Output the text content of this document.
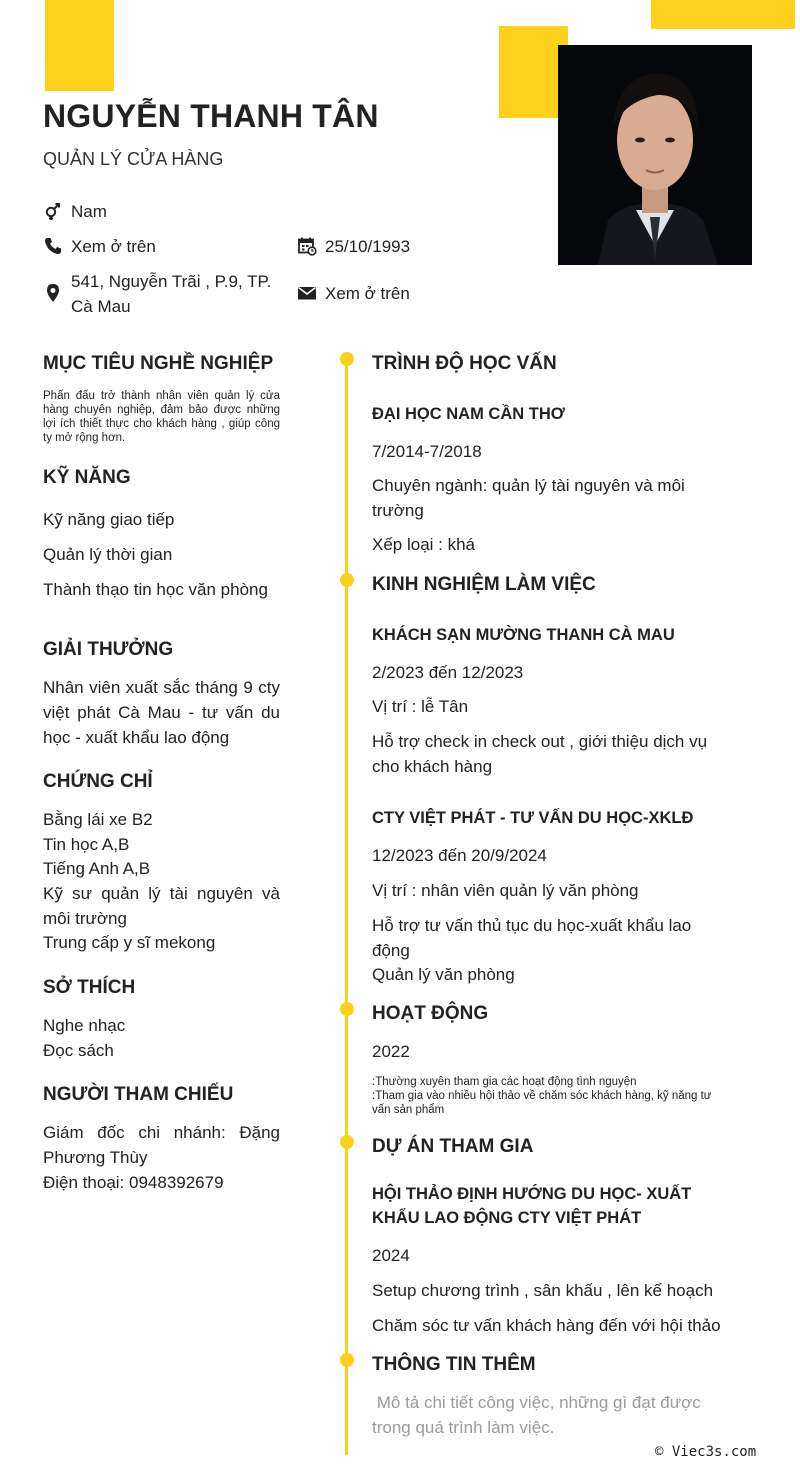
NGUYỄN THANH TÂN
QUẢN LÝ CỬA HÀNG
Nam
Xem ở trên	25/10/1993
541, Nguyễn Trãi , P.9, TP. Cà Mau
Xem ở trên
MỤC TIÊU NGHỀ NGHIỆP
Phấn đấu trở thành nhân viên quản lý cửa hàng chuyên nghiệp, đảm bảo được những lợi ích thiết thực cho khách hàng , giúp công ty mở rộng hơn.
KỸ NĂNG
Kỹ năng giao tiếp
Quản lý thời gian
Thành thạo tin học văn phòng
GIẢI THƯỞNG
Nhân viên xuất sắc tháng 9 cty việt phát Cà Mau - tư vấn du học - xuất khẩu lao động
CHỨNG CHỈ
Bằng lái xe B2
Tin học A,B
Tiếng Anh A,B
Kỹ sư quản lý tài nguyên và môi trường
Trung cấp y sĩ mekong
SỞ THÍCH
Nghe nhạc
Đọc sách
NGƯỜI THAM CHIẾU
Giám đốc chi nhánh: Đặng Phương Thùy
Điện thoại: 0948392679
TRÌNH ĐỘ HỌC VẤN
ĐẠI HỌC NAM CẦN THƠ
7/2014-7/2018
Chuyên ngành: quản lý tài nguyên và môi trường
Xếp loại : khá
KINH NGHIỆM LÀM VIỆC
KHÁCH SẠN MƯỜNG THANH CÀ MAU
2/2023 đến 12/2023
Vị trí : lễ Tân
Hỗ trợ check in check out , giới thiệu dịch vụ cho khách hàng
CTY VIỆT PHÁT - TƯ VẤN DU HỌC-XKLĐ
12/2023 đến 20/9/2024
Vị trí : nhân viên quản lý văn phòng
Hỗ trợ tư vấn thủ tục du học-xuất khẩu lao động
Quản lý văn phòng
HOẠT ĐỘNG
2022
:Thường xuyên tham gia các hoạt động tình nguyện
:Tham gia vào nhiều hội thảo về chăm sóc khách hàng, kỹ năng tư vấn sản phẩm
DỰ ÁN THAM GIA
HỘI THẢO ĐỊNH HƯỚNG DU HỌC- XUẤT KHẨU LAO ĐỘNG CTY VIỆT PHÁT
2024
Setup chương trình , sân khấu , lên kế hoạch
Chăm sóc tư vấn khách hàng đến với hội thảo
THÔNG TIN THÊM
Mô tả chi tiết công việc, những gì đạt được trong quá trình làm việc.
© Viec3s.com
